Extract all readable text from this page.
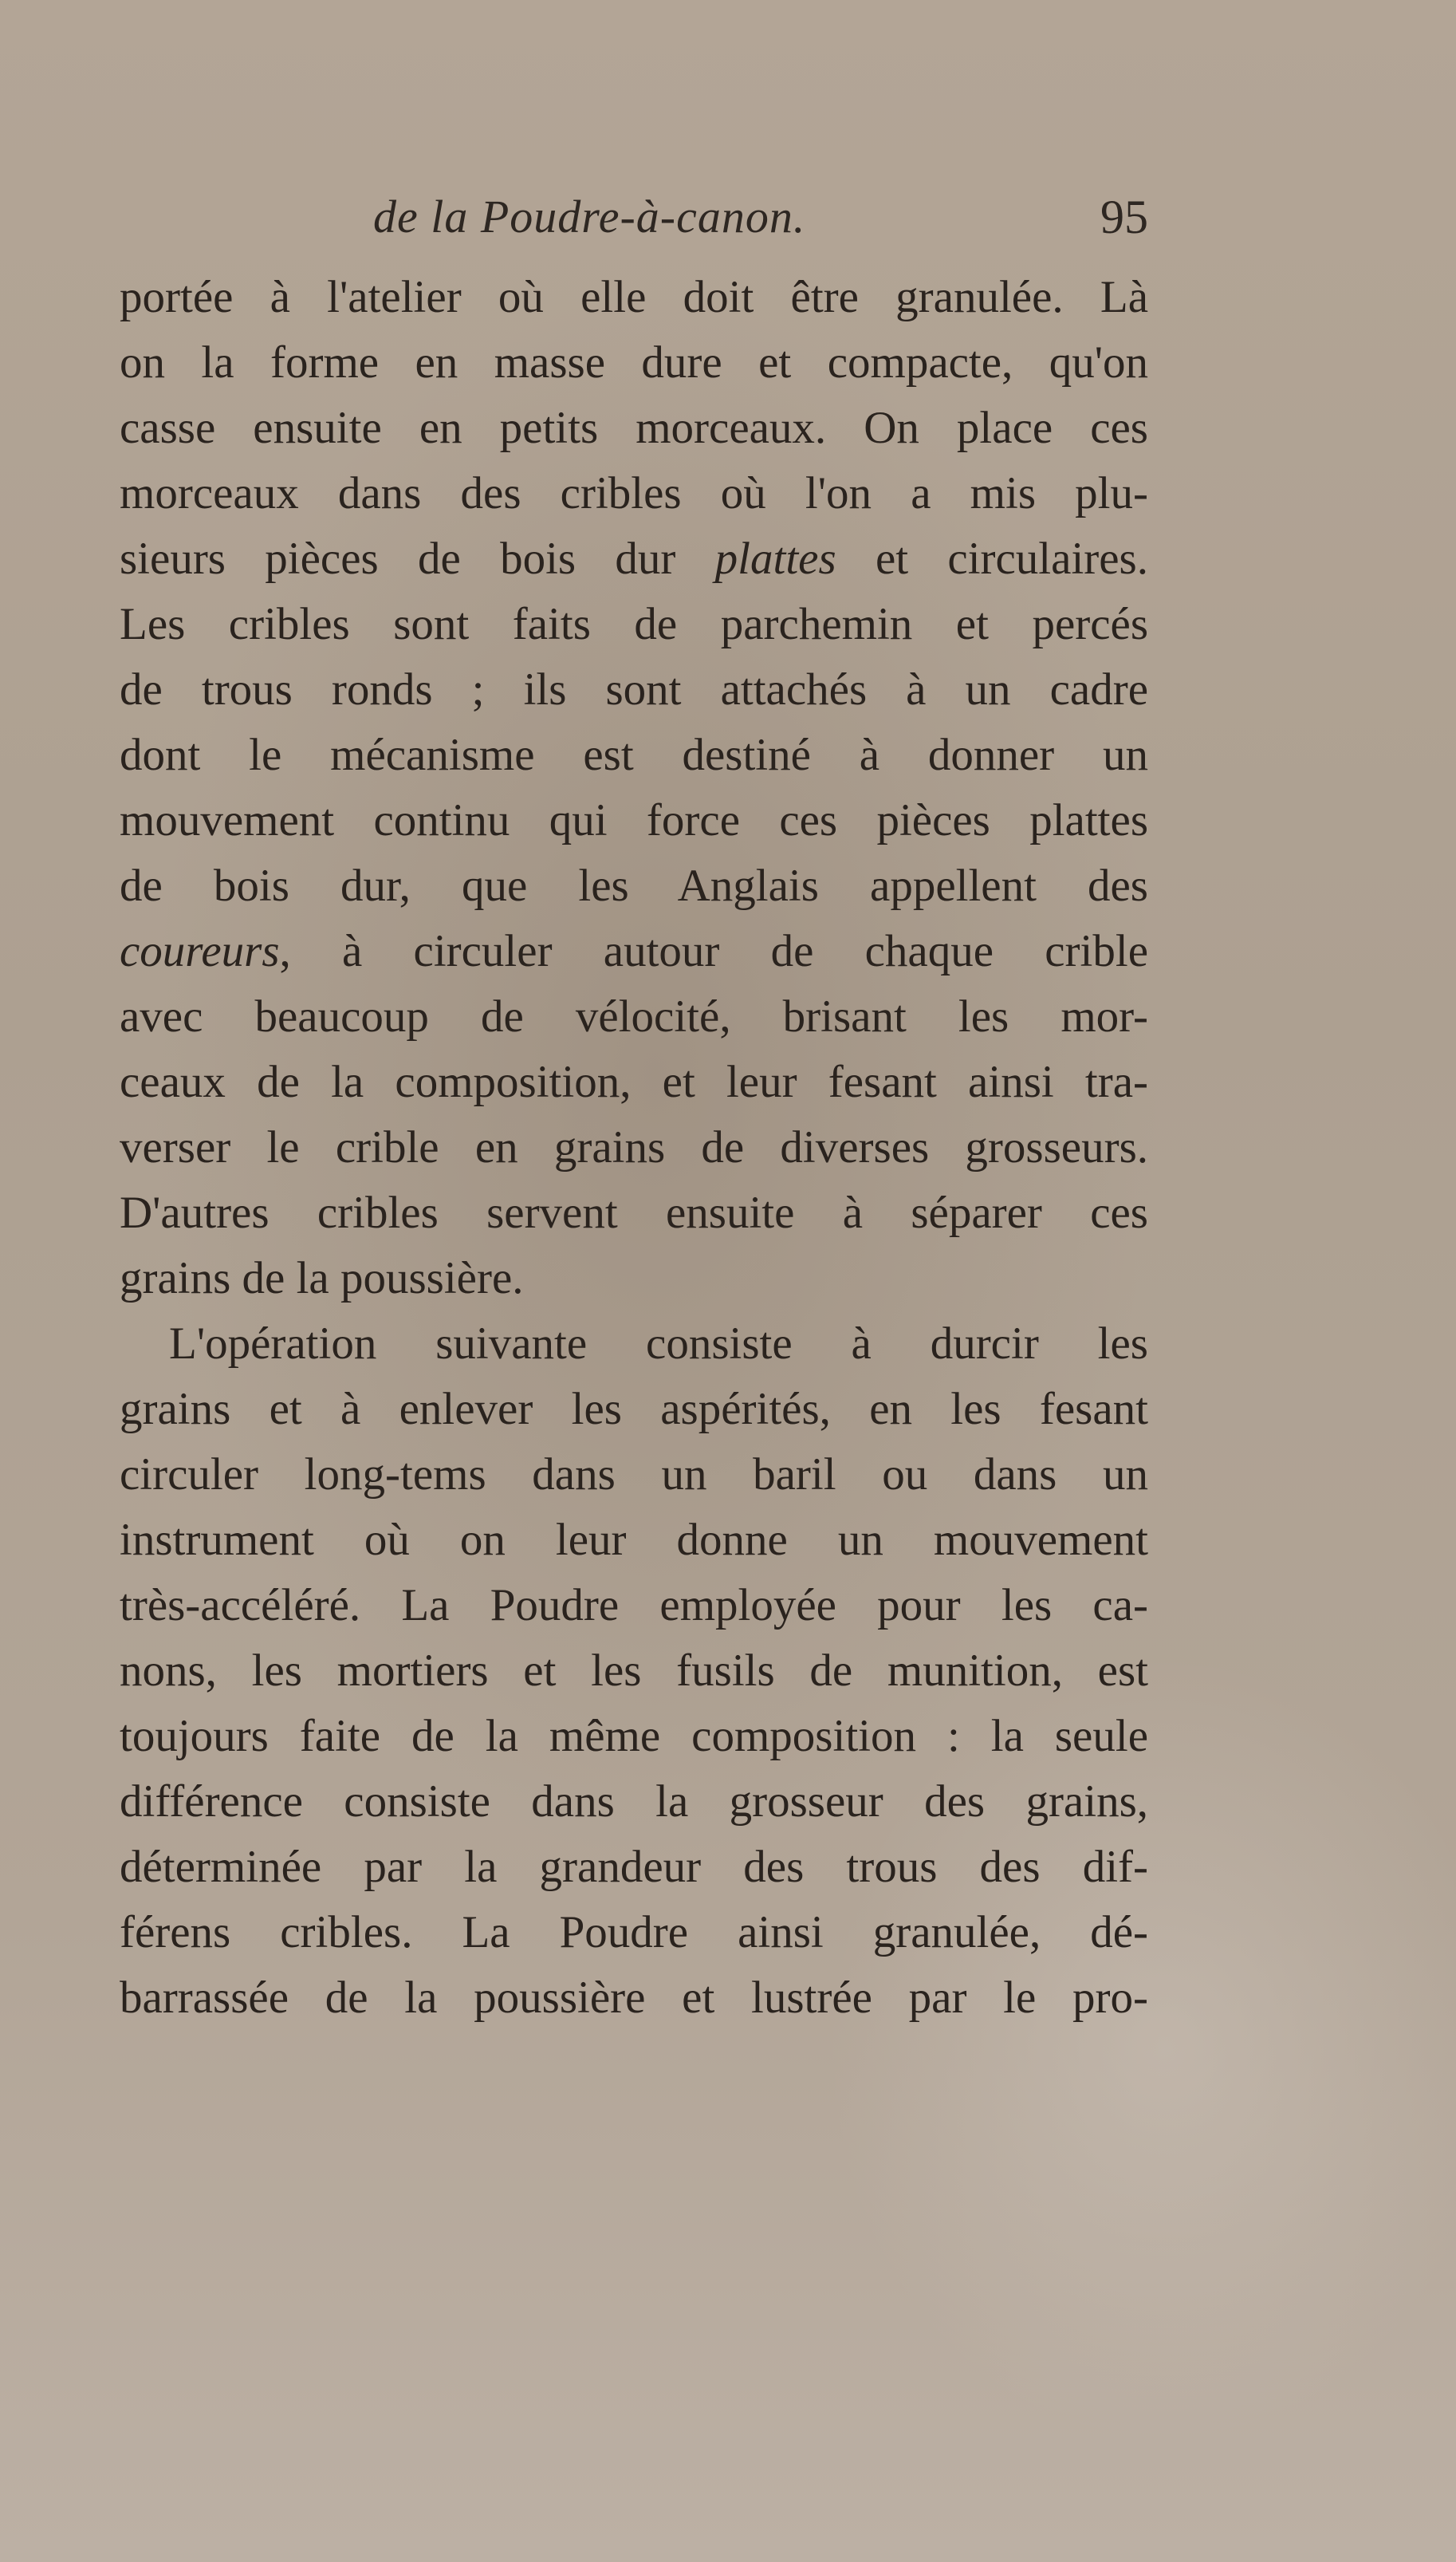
de la Poudre-à-canon.	95
portée à l'atelier où elle doit être granulée. Là
on la forme en masse dure et compacte, qu'on
casse ensuite en petits morceaux. On place ces
morceaux dans des cribles où l'on a mis plu-
sieurs pièces de bois dur plattes et circulaires.
Les cribles sont faits de parchemin et percés
de trous ronds ; ils sont attachés à un cadre
dont le mécanisme est destiné à donner un
mouvement continu qui force ces pièces plattes
de bois dur, que les Anglais appellent des
coureurs, à circuler autour de chaque crible
avec beaucoup de vélocité, brisant les mor-
ceaux de la composition, et leur fesant ainsi tra-
verser le crible en grains de diverses grosseurs.
D'autres cribles servent ensuite à séparer ces
grains de la poussière.
L'opération suivante consiste à durcir les
grains et à enlever les aspérités, en les fesant
circuler long-tems dans un baril ou dans un
instrument où on leur donne un mouvement
très-accéléré. La Poudre employée pour les ca-
nons, les mortiers et les fusils de munition, est
toujours faite de la même composition : la seule
différence consiste dans la grosseur des grains,
déterminée par la grandeur des trous des dif-
férens cribles. La Poudre ainsi granulée, dé-
barrassée de la poussière et lustrée par le pro-
